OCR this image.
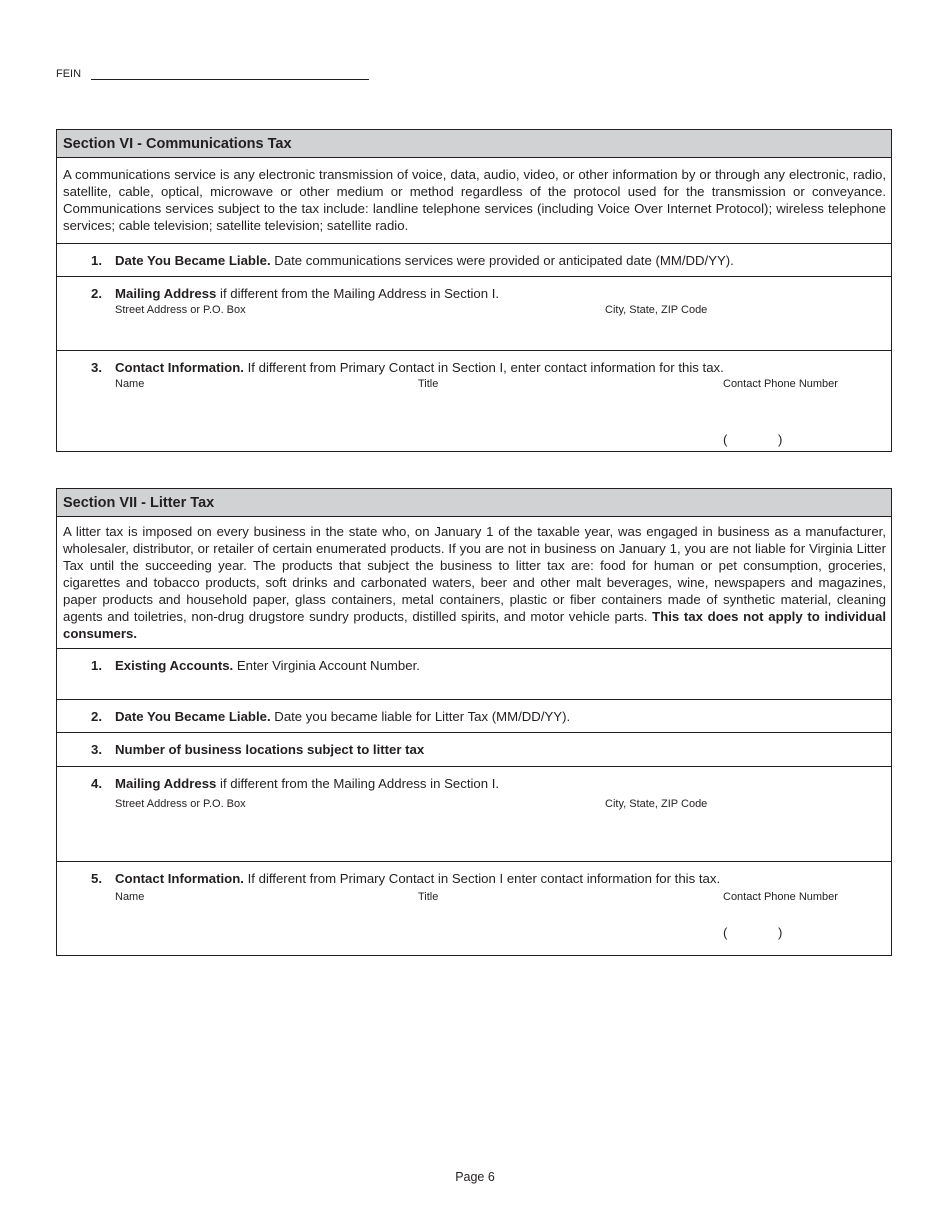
FEIN
Section VI - Communications Tax
A communications service is any electronic transmission of voice, data, audio, video, or other information by or through any electronic, radio, satellite, cable, optical, microwave or other medium or method regardless of the protocol used for the transmission or conveyance. Communications services subject to the tax include: landline telephone services (including Voice Over Internet Protocol); wireless telephone services; cable television; satellite television; satellite radio.
1. Date You Became Liable. Date communications services were provided or anticipated date (MM/DD/YY).
2. Mailing Address if different from the Mailing Address in Section I.
Street Address or P.O. Box	City, State, ZIP Code
3. Contact Information. If different from Primary Contact in Section I, enter contact information for this tax.
Name	Title	Contact Phone Number
(	)
Section VII - Litter Tax
A litter tax is imposed on every business in the state who, on January 1 of the taxable year, was engaged in business as a manufacturer, wholesaler, distributor, or retailer of certain enumerated products. If you are not in business on January 1, you are not liable for Virginia Litter Tax until the succeeding year. The products that subject the business to litter tax are: food for human or pet consumption, groceries, cigarettes and tobacco products, soft drinks and carbonated waters, beer and other malt beverages, wine, newspapers and magazines, paper products and household paper, glass containers, metal containers, plastic or fiber containers made of synthetic material, cleaning agents and toiletries, non-drug drugstore sundry products, distilled spirits, and motor vehicle parts. This tax does not apply to individual consumers.
1. Existing Accounts. Enter Virginia Account Number.
2. Date You Became Liable. Date you became liable for Litter Tax (MM/DD/YY).
3. Number of business locations subject to litter tax
4. Mailing Address if different from the Mailing Address in Section I.
Street Address or P.O. Box	City, State, ZIP Code
5. Contact Information. If different from Primary Contact in Section I enter contact information for this tax.
Name	Title	Contact Phone Number
(	)
Page 6
